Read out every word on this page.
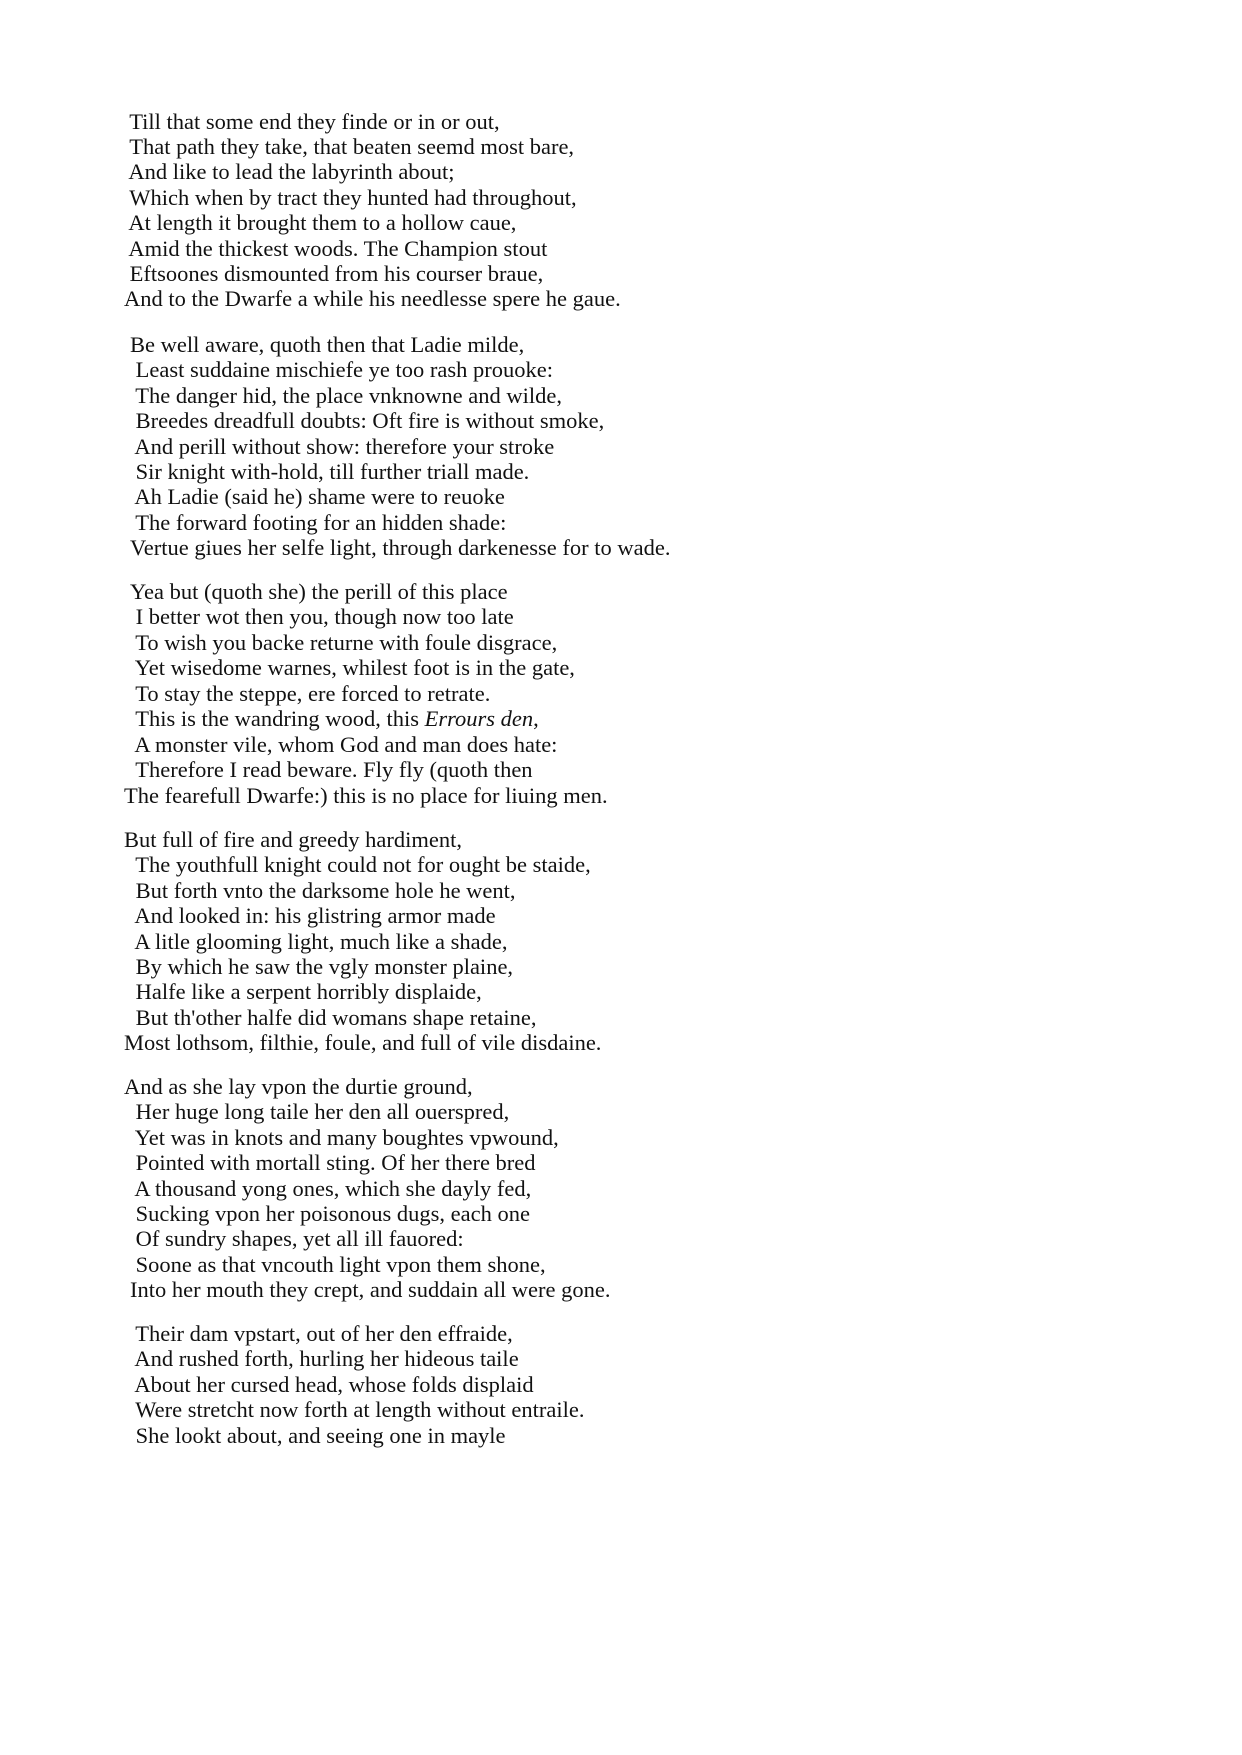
Till that some end they finde or in or out,
That path they take, that beaten seemd most bare,
And like to lead the labyrinth about;
Which when by tract they hunted had throughout,
At length it brought them to a hollow caue,
Amid the thickest woods. The Champion stout
Eftsoones dismounted from his courser braue,
And to the Dwarfe a while his needlesse spere he gaue.
Be well aware, quoth then that Ladie milde,
Least suddaine mischiefe ye too rash prouoke:
The danger hid, the place vnknowne and wilde,
Breedes dreadfull doubts: Oft fire is without smoke,
And perill without show: therefore your stroke
Sir knight with-hold, till further triall made.
Ah Ladie (said he) shame were to reuoke
The forward footing for an hidden shade:
Vertue giues her selfe light, through darkenesse for to wade.
Yea but (quoth she) the perill of this place
I better wot then you, though now too late
To wish you backe returne with foule disgrace,
Yet wisedome warnes, whilest foot is in the gate,
To stay the steppe, ere forced to retrate.
This is the wandring wood, this Errours den,
A monster vile, whom God and man does hate:
Therefore I read beware. Fly fly (quoth then
The fearefull Dwarfe:) this is no place for liuing men.
But full of fire and greedy hardiment,
The youthfull knight could not for ought be staide,
But forth vnto the darksome hole he went,
And looked in: his glistring armor made
A litle glooming light, much like a shade,
By which he saw the vgly monster plaine,
Halfe like a serpent horribly displaide,
But th'other halfe did womans shape retaine,
Most lothsom, filthie, foule, and full of vile disdaine.
And as she lay vpon the durtie ground,
Her huge long taile her den all ouerspred,
Yet was in knots and many boughtes vpwound,
Pointed with mortall sting. Of her there bred
A thousand yong ones, which she dayly fed,
Sucking vpon her poisonous dugs, each one
Of sundry shapes, yet all ill fauored:
Soone as that vncouth light vpon them shone,
Into her mouth they crept, and suddain all were gone.
Their dam vpstart, out of her den effraide,
And rushed forth, hurling her hideous taile
About her cursed head, whose folds displaid
Were stretcht now forth at length without entraile.
She lookt about, and seeing one in mayle
